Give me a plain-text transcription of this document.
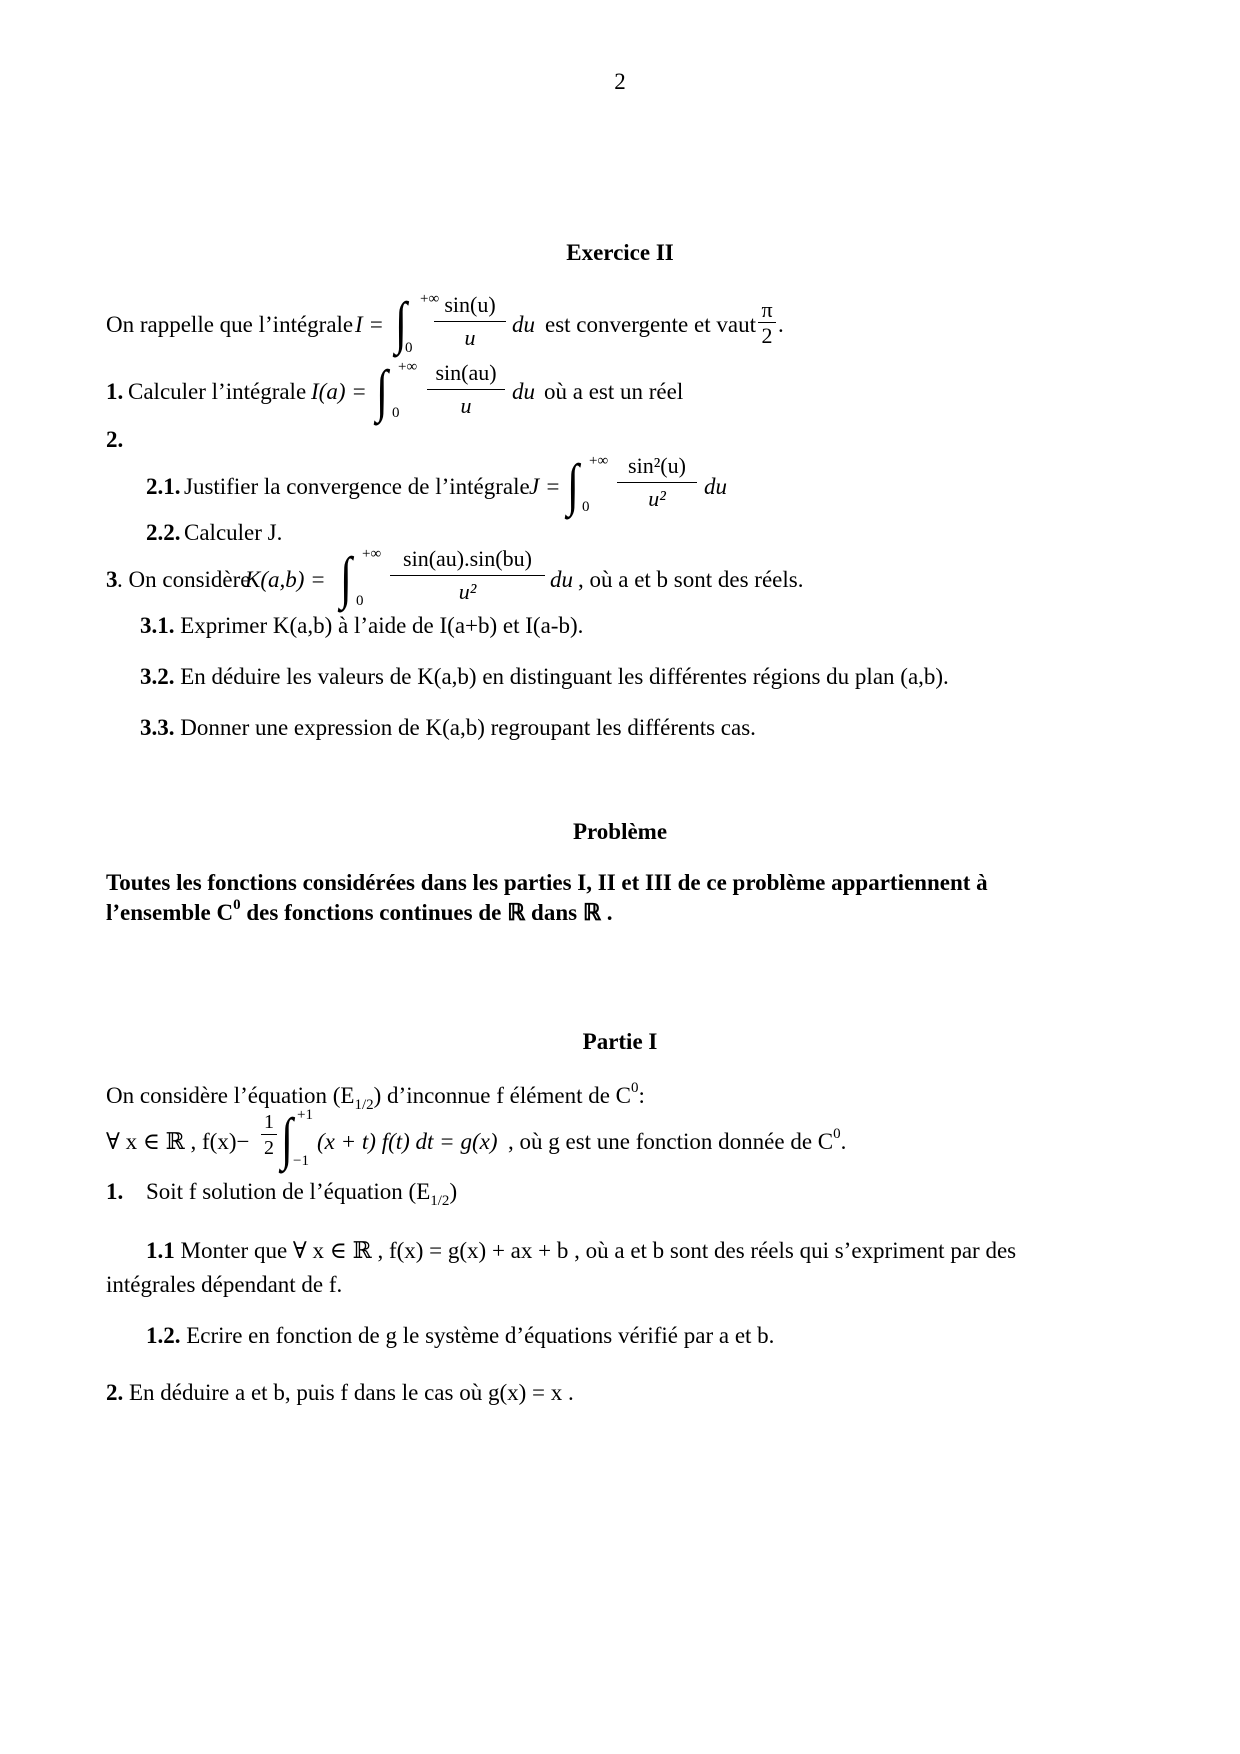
2
Exercice II
On rappelle que l’intégrale I = ∫ +∞
0
sin(u)
u
du est convergente et vaut
π
2 .
1. Calculer l’intégrale I(a) = ∫ +∞
0
sin(au)
u
du où a est un réel
2.
2.1. Justifier la convergence de l’intégrale J = ∫ +∞
0
sin²(u)
u²	du
2.2. Calculer J.
3 . On considère
K(a,b) = ∫ +∞
0
sin(au).sin(bu)
u²	du , où a et b sont des réels.
3.1. Exprimer K(a,b) à l’aide de I(a+b) et I(a-b).
3.2. En déduire les valeurs de K(a,b) en distinguant les différentes régions du plan (a,b).
3.3. Donner une expression de K(a,b) regroupant les différents cas.
Problème
Toutes les fonctions considérées dans les parties I, II et III de ce problème appartiennent à
l’ensemble $C^0$ des fonctions continues de ℝ dans ℝ .
Partie I
On considère l’équation $(E_{1/2})$ d’inconnue f élément de $C^0$:
∀ x ∈ ℝ , f(x)−
1
2 ∫ +1
−1
(x + t) f(t) dt = g(x) , où g est une fonction donnée de $C^0$.
1. Soit f solution de l’équation $(E_{1/2})$
1.1 Monter que ∀ x ∈ ℝ , f(x) = g(x) + ax + b , où a et b sont des réels qui s’expriment par des
intégrales dépendant de f.
1.2. Ecrire en fonction de g le système d’équations vérifié par a et b.
2. En déduire a et b, puis f dans le cas où g(x) = x .
